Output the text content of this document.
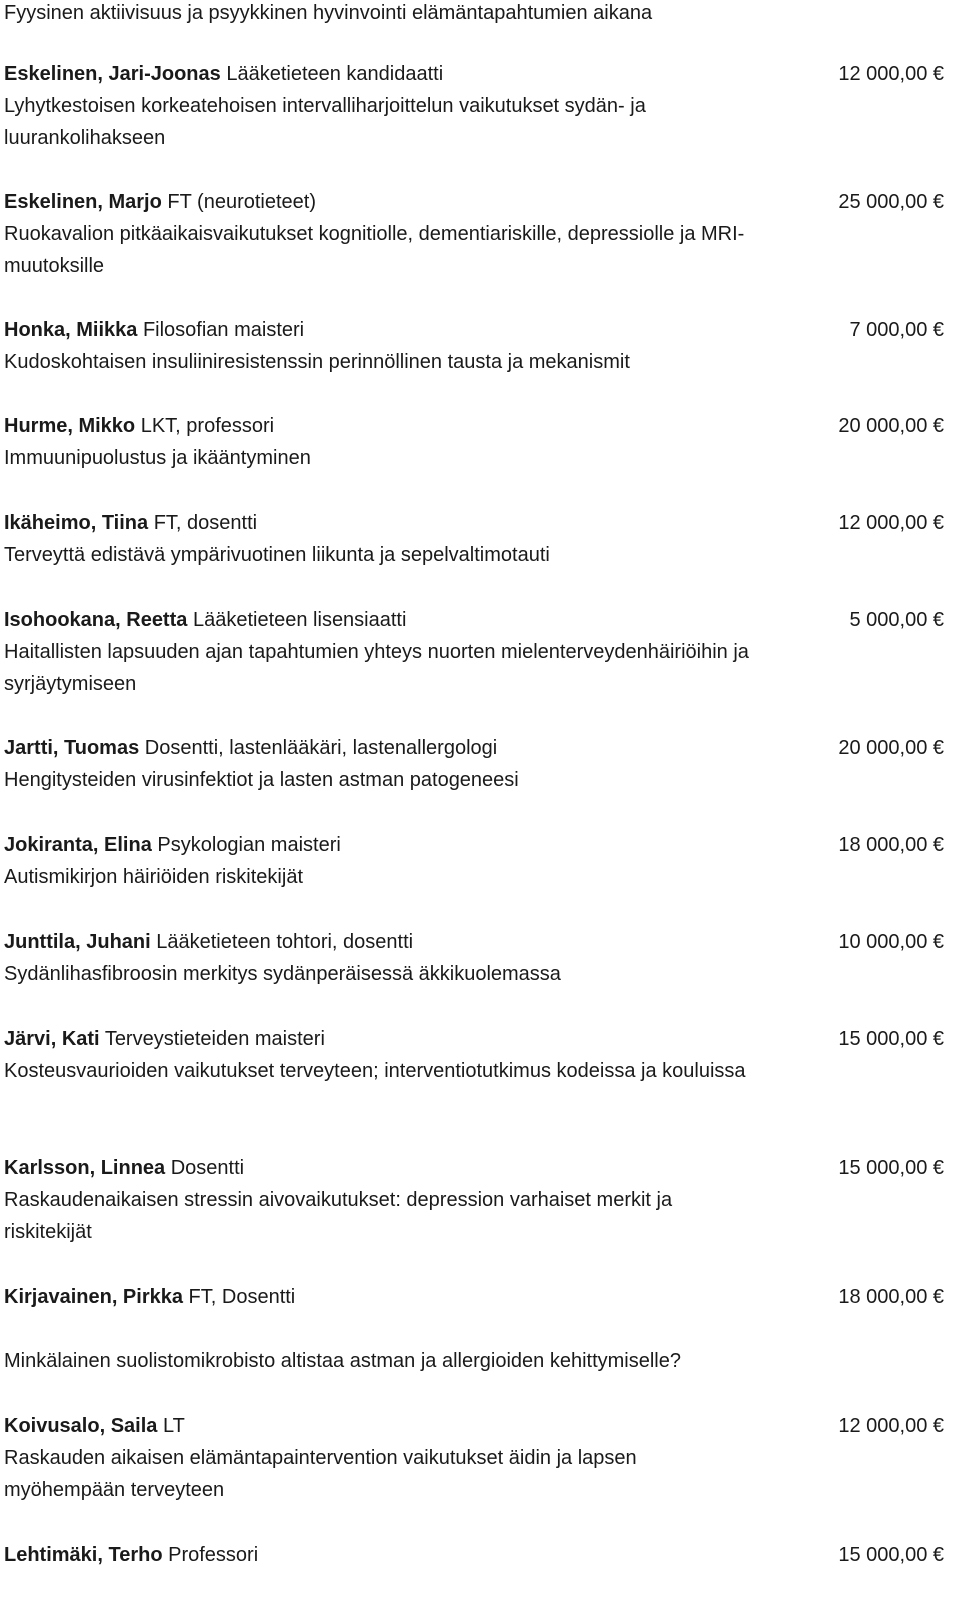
Fyysinen aktiivisuus ja psyykkinen hyvinvointi elämäntapahtumien aikana

Eskelinen, Jari-Joonas Lääketieteen kandidaatti	12 000,00 €
Lyhytkestoisen korkeatehoisen intervalliharjoittelun vaikutukset sydän- ja luurankolihakseen
Eskelinen, Marjo FT (neurotieteet)	25 000,00 €
Ruokavalion pitkäaikaisvaikutukset kognitiolle, dementiariskille, depressiolle ja MRI-muutoksille
Honka, Miikka Filosofian maisteri	7 000,00 €
Kudoskohtaisen insuliiniresistenssin perinnöllinen tausta ja mekanismit
Hurme, Mikko LKT, professori	20 000,00 €
Immuunipuolustus ja ikääntyminen
Ikäheimo, Tiina FT, dosentti	12 000,00 €
Terveyttä edistävä ympärivuotinen liikunta ja sepelvaltimotauti
Isohookana, Reetta Lääketieteen lisensiaatti	5 000,00 €
Haitallisten lapsuuden ajan tapahtumien yhteys nuorten mielenterveydenhäiriöihin ja syrjäytymiseen
Jartti, Tuomas Dosentti, lastenlääkäri, lastenallergologi	20 000,00 €
Hengitysteiden virusinfektiot ja lasten astman patogeneesi
Jokiranta, Elina Psykologian maisteri	18 000,00 €
Autismikirjon häiriöiden riskitekijät
Junttila, Juhani Lääketieteen tohtori, dosentti	10 000,00 €
Sydänlihasfibroosin merkitys sydänperäisessä äkkikuolemassa
Järvi, Kati Terveystieteiden maisteri	15 000,00 €
Kosteusvaurioiden vaikutukset terveyteen; interventiotutkimus kodeissa ja kouluissa
Karlsson, Linnea Dosentti	15 000,00 €
Raskaudenaikaisen stressin aivovaikutukset: depression varhaiset merkit ja riskitekijät
Kirjavainen, Pirkka FT, Dosentti	18 000,00 €
Minkälainen suolistomikrobisto altistaa astman ja allergioiden kehittymiselle?
Koivusalo, Saila LT	12 000,00 €
Raskauden aikaisen elämäntapaintervention vaikutukset äidin ja lapsen myöhempään terveyteen
Lehtimäki, Terho Professori	15 000,00 €
